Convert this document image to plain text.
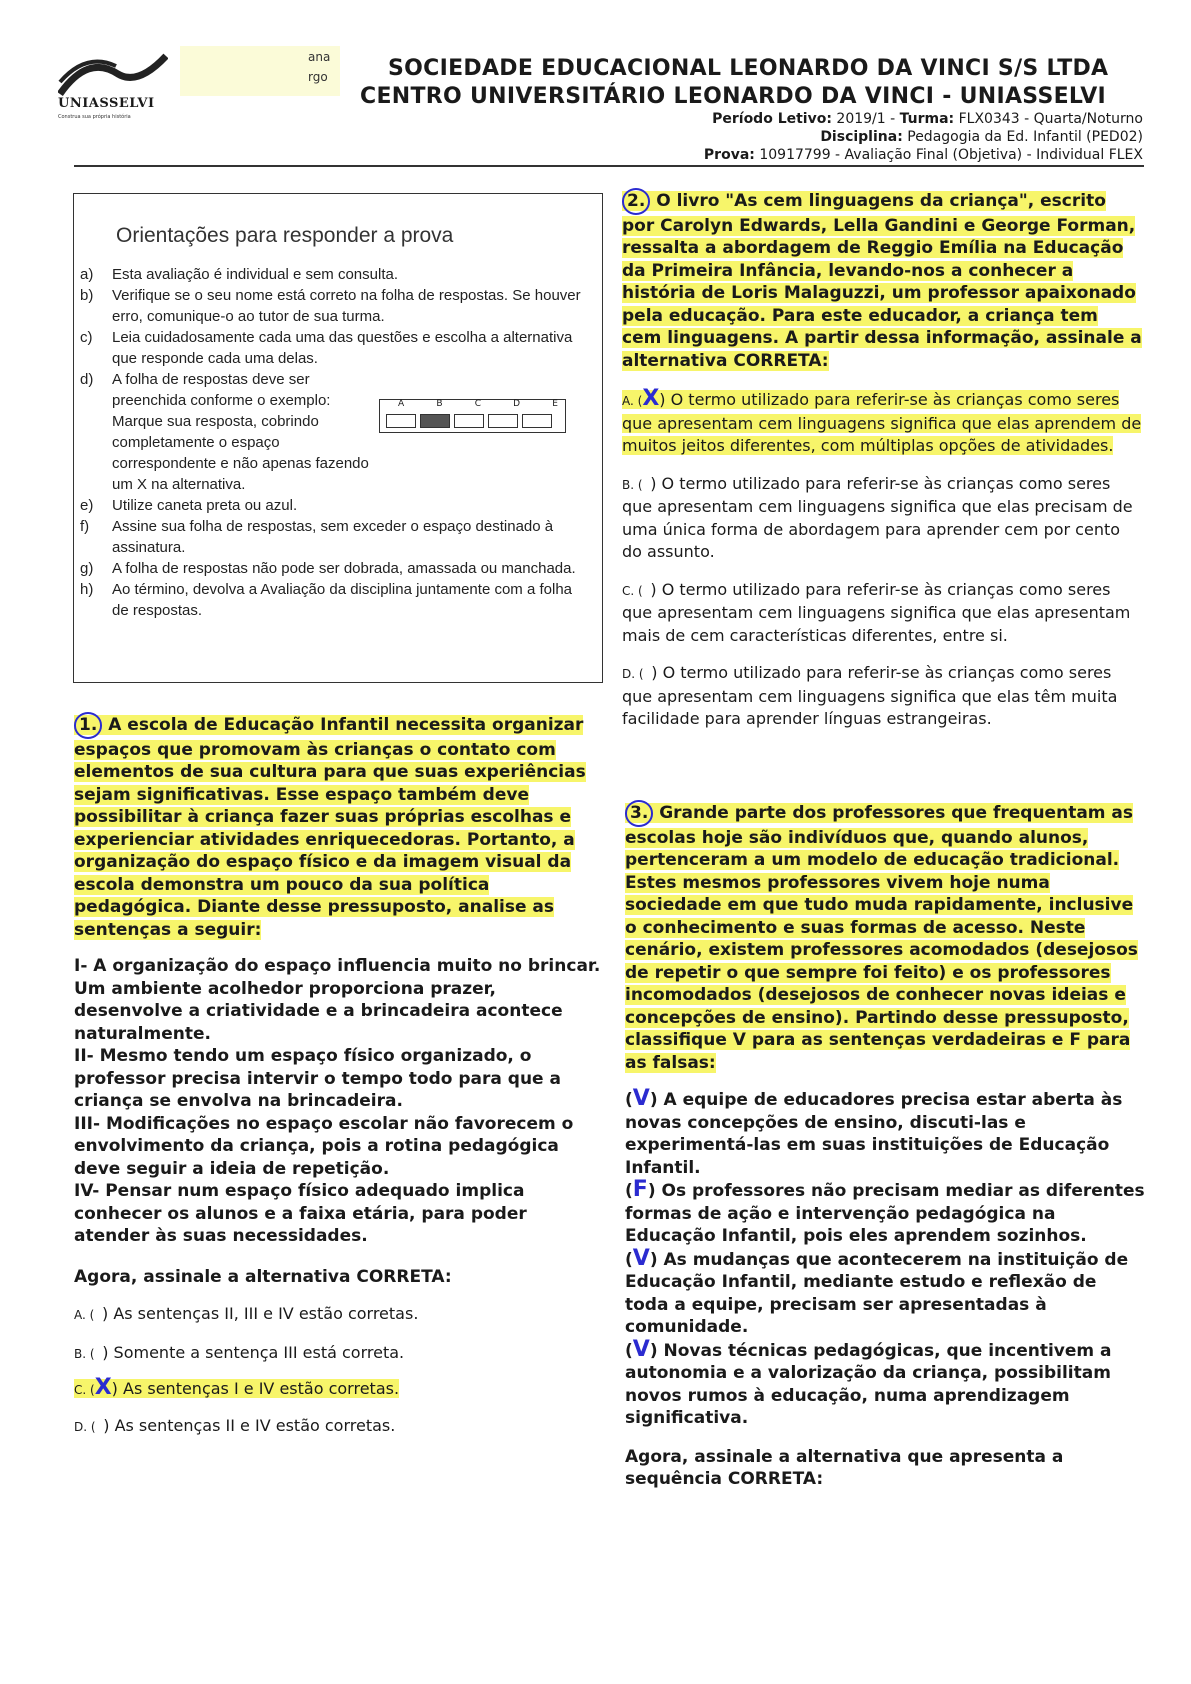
UNIASSELVI
Construa sua própria história
ana
rgo	SOCIEDADE EDUCACIONAL LEONARDO DA VINCI S/S LTDA
CENTRO UNIVERSITÁRIO LEONARDO DA VINCI - UNIASSELVI
Período Letivo: 2019/1 - Turma: FLX0343 - Quarta/Noturno
Disciplina: Pedagogia da Ed. Infantil (PED02)
Prova: 10917799 - Avaliação Final (Objetiva) - Individual FLEX
Orientações para responder a prova
a)	Esta avaliação é individual e sem consulta.
b)	Verifique se o seu nome está correto na folha de respostas. Se houver erro, comunique-o ao tutor de sua turma.
c)	Leia cuidadosamente cada uma das questões e escolha a alternativa que responde cada uma delas.
d)	A folha de respostas deve ser preenchida conforme o exemplo: Marque sua resposta, cobrindo completamente o espaço correspondente e não apenas fazendo um X na alternativa.
e)	Utilize caneta preta ou azul.
f)	Assine sua folha de respostas, sem exceder o espaço destinado à assinatura.
g)	A folha de respostas não pode ser dobrada, amassada ou manchada.
h)	Ao término, devolva a Avaliação da disciplina juntamente com a folha de respostas.
A	B	C	D	E
1. A escola de Educação Infantil necessita organizar espaços que promovam às crianças o contato com elementos de sua cultura para que suas experiências sejam significativas. Esse espaço também deve possibilitar à criança fazer suas próprias escolhas e experienciar atividades enriquecedoras. Portanto, a organização do espaço físico e da imagem visual da escola demonstra um pouco da sua política pedagógica. Diante desse pressuposto, analise as sentenças a seguir:
I- A organização do espaço influencia muito no brincar. Um ambiente acolhedor proporciona prazer, desenvolve a criatividade e a brincadeira acontece naturalmente.
II- Mesmo tendo um espaço físico organizado, o professor precisa intervir o tempo todo para que a criança se envolva na brincadeira.
III- Modificações no espaço escolar não favorecem o envolvimento da criança, pois a rotina pedagógica deve seguir a ideia de repetição.
IV- Pensar num espaço físico adequado implica conhecer os alunos e a faixa etária, para poder atender às suas necessidades.
Agora, assinale a alternativa CORRETA:
A. ( ) As sentenças II, III e IV estão corretas.
B. ( ) Somente a sentença III está correta.
C. (X) As sentenças I e IV estão corretas.
D. ( ) As sentenças II e IV estão corretas.
2. O livro "As cem linguagens da criança", escrito por Carolyn Edwards, Lella Gandini e George Forman, ressalta a abordagem de Reggio Emília na Educação da Primeira Infância, levando-nos a conhecer a história de Loris Malaguzzi, um professor apaixonado pela educação. Para este educador, a criança tem cem linguagens. A partir dessa informação, assinale a alternativa CORRETA:
A. (X) O termo utilizado para referir-se às crianças como seres que apresentam cem linguagens significa que elas aprendem de muitos jeitos diferentes, com múltiplas opções de atividades.
B. ( ) O termo utilizado para referir-se às crianças como seres que apresentam cem linguagens significa que elas precisam de uma única forma de abordagem para aprender cem por cento do assunto.
C. ( ) O termo utilizado para referir-se às crianças como seres que apresentam cem linguagens significa que elas apresentam mais de cem características diferentes, entre si.
D. ( ) O termo utilizado para referir-se às crianças como seres que apresentam cem linguagens significa que elas têm muita facilidade para aprender línguas estrangeiras.
3. Grande parte dos professores que frequentam as escolas hoje são indivíduos que, quando alunos, pertenceram a um modelo de educação tradicional. Estes mesmos professores vivem hoje numa sociedade em que tudo muda rapidamente, inclusive o conhecimento e suas formas de acesso. Neste cenário, existem professores acomodados (desejosos de repetir o que sempre foi feito) e os professores incomodados (desejosos de conhecer novas ideias e concepções de ensino). Partindo desse pressuposto, classifique V para as sentenças verdadeiras e F para as falsas:
(V) A equipe de educadores precisa estar aberta às novas concepções de ensino, discuti-las e experimentá-las em suas instituições de Educação Infantil.
(F) Os professores não precisam mediar as diferentes formas de ação e intervenção pedagógica na Educação Infantil, pois eles aprendem sozinhos.
(V) As mudanças que acontecerem na instituição de Educação Infantil, mediante estudo e reflexão de toda a equipe, precisam ser apresentadas à comunidade.
(V) Novas técnicas pedagógicas, que incentivem a autonomia e a valorização da criança, possibilitam novos rumos à educação, numa aprendizagem significativa.
Agora, assinale a alternativa que apresenta a sequência CORRETA:
